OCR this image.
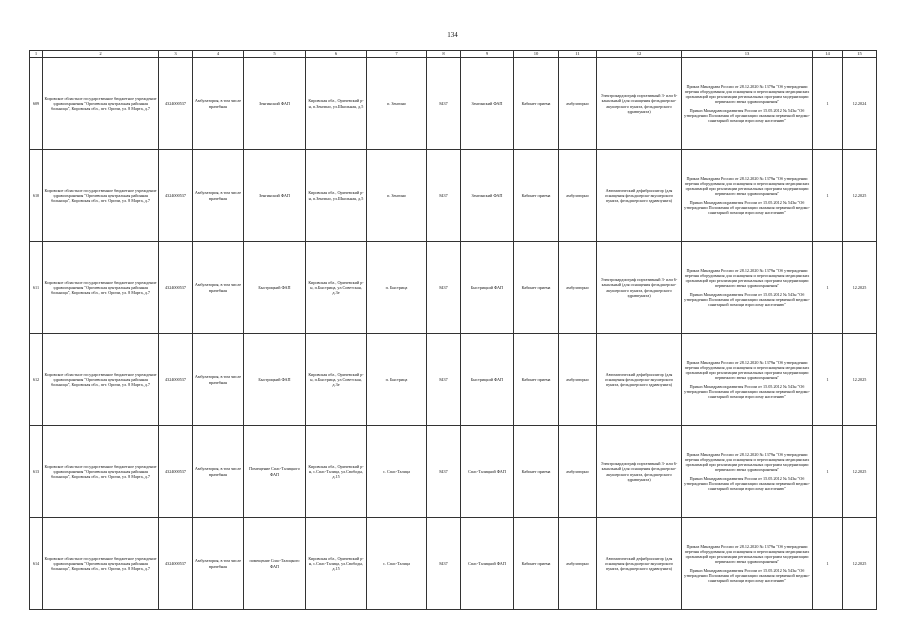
134
1	2	3	4	5	6	7	8	9	10	11	12	13	14	15
609	Кировское областное государственное бюджетное учреждение здравоохранения "Оричевская центральная районная больница", Кировская обл., пгт. Оричи, ул. 8 Марта, д.7	4324000537	Амбулатория, в том числе врачебная	Зенгинский ФАП	Кировская обл., Оричевский р-н, п.Зенгино, ул.Школьная, д.5	п. Зенгино	8437	Зенгинский ФАП	Кабинет приема	амбулаторно	Электрокардиограф портативный 3- или 6-канальный (для оснащения фельдшерско-акушерского пункта, фельдшерского здравпункта)	Приказ Минздрава России от 28.12.2020 № 1379н "Об утверждении перечня оборудования для оснащения и переоснащения медицинских организаций при реализации региональных программ модернизации первичного звена здравоохранения"

Приказ Минздравсоцразвития России от 15.05.2012 № 543н "Об утверждении Положения об организации оказания первичной медико-санитарной помощи взрослому населению"	1	12.2024
610	Кировское областное государственное бюджетное учреждение здравоохранения "Оричевская центральная районная больница", Кировская обл., пгт. Оричи, ул. 8 Марта, д.7	4324000537	Амбулатория, в том числе врачебная	Зенгинский ФАП	Кировская обл., Оричевский р-н, п.Зенгино, ул.Школьная, д.5	п. Зенгино	8437	Зенгинский ФАП	Кабинет приема	амбулаторно	Автоматический дефибриллятор (для оснащения фельдшерско-акушерского пункта, фельдшерского здравпункта)	Приказ Минздрава России от 28.12.2020 № 1379н "Об утверждении перечня оборудования для оснащения и переоснащения медицинских организаций при реализации региональных программ модернизации первичного звена здравоохранения"

Приказ Минздравсоцразвития России от 15.05.2012 № 543н "Об утверждении Положения об организации оказания первичной медико-санитарной помощи взрослому населению"	1	12.2025
611	Кировское областное государственное бюджетное учреждение здравоохранения "Оричевская центральная районная больница", Кировская обл., пгт. Оричи, ул. 8 Марта, д.7	4324000537	Амбулатория, в том числе врачебная	Быстрицкий ФАП	Кировская обл., Оричевский р-н, п.Быстрица, ул.Советская, д.3е	п. Быстрица	8437	Быстрицкий ФАП	Кабинет приема	амбулаторно	Электрокардиограф портативный 3- или 6-канальный (для оснащения фельдшерско-акушерского пункта, фельдшерского здравпункта)	Приказ Минздрава России от 28.12.2020 № 1379н "Об утверждении перечня оборудования для оснащения и переоснащения медицинских организаций при реализации региональных программ модернизации первичного звена здравоохранения"

Приказ Минздравсоцразвития России от 15.05.2012 № 543н "Об утверждении Положения об организации оказания первичной медико-санитарной помощи взрослому населению"	1	12.2025
612	Кировское областное государственное бюджетное учреждение здравоохранения "Оричевская центральная районная больница", Кировская обл., пгт. Оричи, ул. 8 Марта, д.7	4324000537	Амбулатория, в том числе врачебная	Быстрицкий ФАП	Кировская обл., Оричевский р-н, п.Быстрица, ул.Советская, д.3е	п. Быстрица	8437	Быстрицкий ФАП	Кабинет приема	амбулаторно	Автоматический дефибриллятор (для оснащения фельдшерско-акушерского пункта, фельдшерского здравпункта)	Приказ Минздрава России от 28.12.2020 № 1379н "Об утверждении перечня оборудования для оснащения и переоснащения медицинских организаций при реализации региональных программ модернизации первичного звена здравоохранения"

Приказ Минздравсоцразвития России от 15.05.2012 № 543н "Об утверждении Положения об организации оказания первичной медико-санитарной помощи взрослому населению"	1	12.2025
613	Кировское областное государственное бюджетное учреждение здравоохранения "Оричевская центральная районная больница", Кировская обл., пгт. Оричи, ул. 8 Марта, д.7	4324000537	Амбулатория, в том числе врачебная	Помещение Спас-Талицкого ФАП	Кировская обл., Оричевский р-н, с.Спас-Талица, ул.Свободы, д.15	с. Спас-Талица	8437	Спас-Талицкий ФАП	Кабинет приема	амбулаторно	Электрокардиограф портативный 3- или 6-канальный (для оснащения фельдшерско-акушерского пункта, фельдшерского здравпункта)	Приказ Минздрава России от 28.12.2020 № 1379н "Об утверждении перечня оборудования для оснащения и переоснащения медицинских организаций при реализации региональных программ модернизации первичного звена здравоохранения"

Приказ Минздравсоцразвития России от 15.05.2012 № 543н "Об утверждении Положения об организации оказания первичной медико-санитарной помощи взрослому населению"	1	12.2025
614	Кировское областное государственное бюджетное учреждение здравоохранения "Оричевская центральная районная больница", Кировская обл., пгт. Оричи, ул. 8 Марта, д.7	4324000537	Амбулатория, в том числе врачебная	помещение Спас-Талицкого ФАП	Кировская обл., Оричевский р-н, с.Спас-Талица, ул.Свободы, д.15	с. Спас-Талица	8437	Спас-Талицкий ФАП	Кабинет приема	амбулаторно	Автоматический дефибриллятор (для оснащения фельдшерско-акушерского пункта, фельдшерского здравпункта)	Приказ Минздрава России от 28.12.2020 № 1379н "Об утверждении перечня оборудования для оснащения и переоснащения медицинских организаций при реализации региональных программ модернизации первичного звена здравоохранения"

Приказ Минздравсоцразвития России от 15.05.2012 № 543н "Об утверждении Положения об организации оказания первичной медико-санитарной помощи взрослому населению"	1	12.2025
